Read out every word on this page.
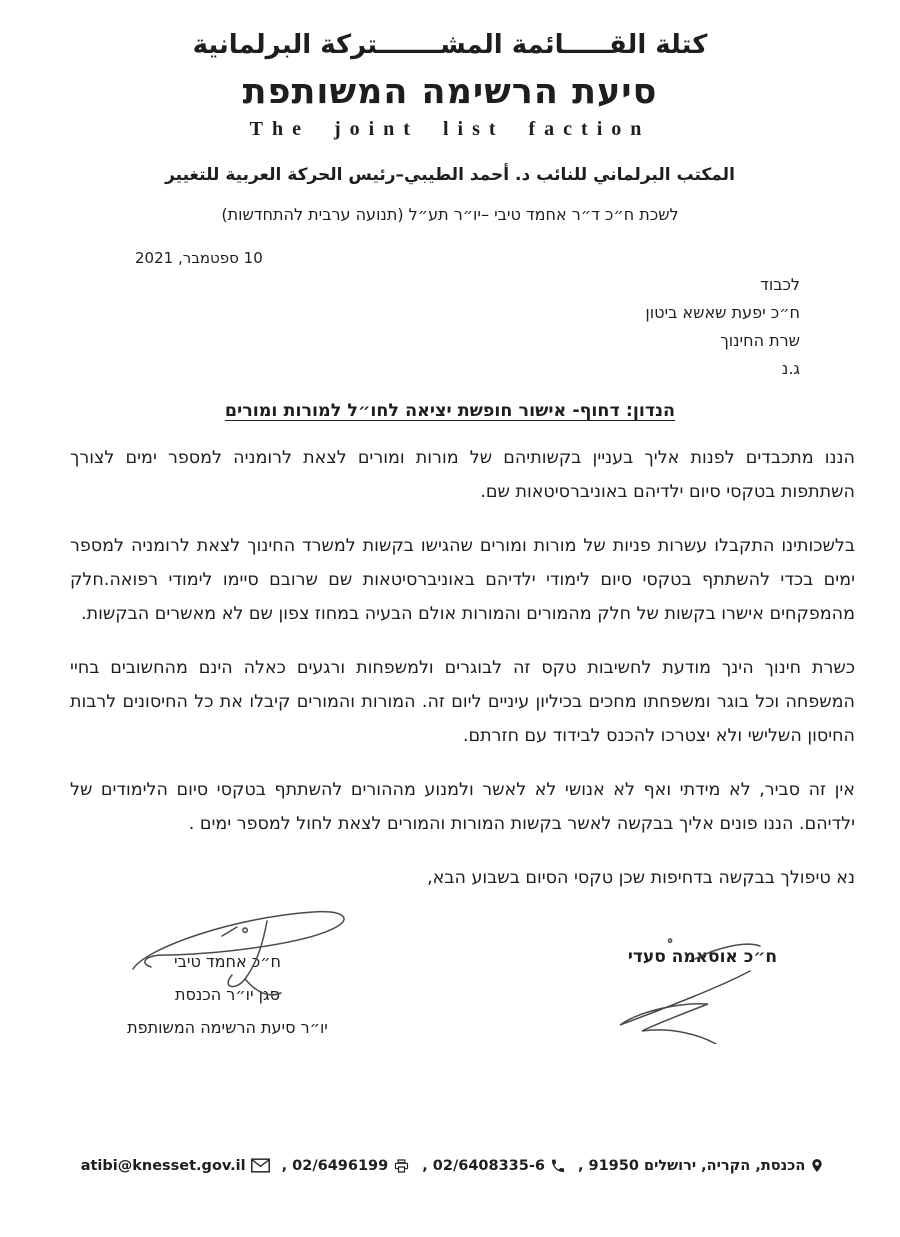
كتلة القـــــائمة المشـــــــتركة البرلمانية
סיעת הרשימה המשותפת
The joint list faction
المكتب البرلماني للنائب د. أحمد الطيبي–رئيس الحركة العربية للتغيير
לשכת ח״כ ד״ר אחמד טיבי –יו״ר תע״ל (תנועה ערבית להתחדשות)
10 ספטמבר, 2021
לכבוד
ח״כ יפעת שאשא ביטון
שרת החינוך
ג.נ
הנדון: דחוף- אישור חופשת יציאה לחו״ל למורות ומורים

הננו מתכבדים לפנות אליך בעניין בקשותיהם של מורות ומורים לצאת לרומניה למספר ימים לצורך השתתפות בטקסי סיום ילדיהם באוניברסיטאות שם.

בלשכותינו התקבלו עשרות פניות של מורות ומורים שהגישו בקשות למשרד החינוך לצאת לרומניה למספר ימים בכדי להשתתף בטקסי סיום לימודי ילדיהם באוניברסיטאות שם שרובם סיימו לימודי רפואה.חלק מהמפקחים אישרו בקשות של חלק מהמורים והמורות אולם הבעיה במחוז צפון שם לא מאשרים הבקשות.

כשרת חינוך הינך מודעת לחשיבות טקס זה לבוגרים ולמשפחות ורגעים כאלה הינם מהחשובים בחיי המשפחה וכל בוגר ומשפחתו מחכים בכיליון עיניים ליום זה. המורות והמורים קיבלו את כל החיסונים לרבות החיסון השלישי ולא יצטרכו להכנס לבידוד עם חזרתם.

אין זה סביר, לא מידתי ואף לא אנושי לא לאשר ולמנוע מההורים להשתתף בטקסי סיום הלימודים של ילדיהם. הננו פונים אליך בבקשה לאשר בקשות המורות והמורים לצאת לחול למספר ימים .

נא טיפולך בבקשה בדחיפות שכן טקסי הסיום בשבוע הבא,

ח״כ אחמד טיבי
סגן יו״ר הכנסת
יו״ר סיעת הרשימה המשותפת
ח״כ אוסאמה סעדי
הכנסת, הקריה, ירושלים 91950
,
02/6408335-6
,
02/6496199
,
atibi@knesset.gov.il
